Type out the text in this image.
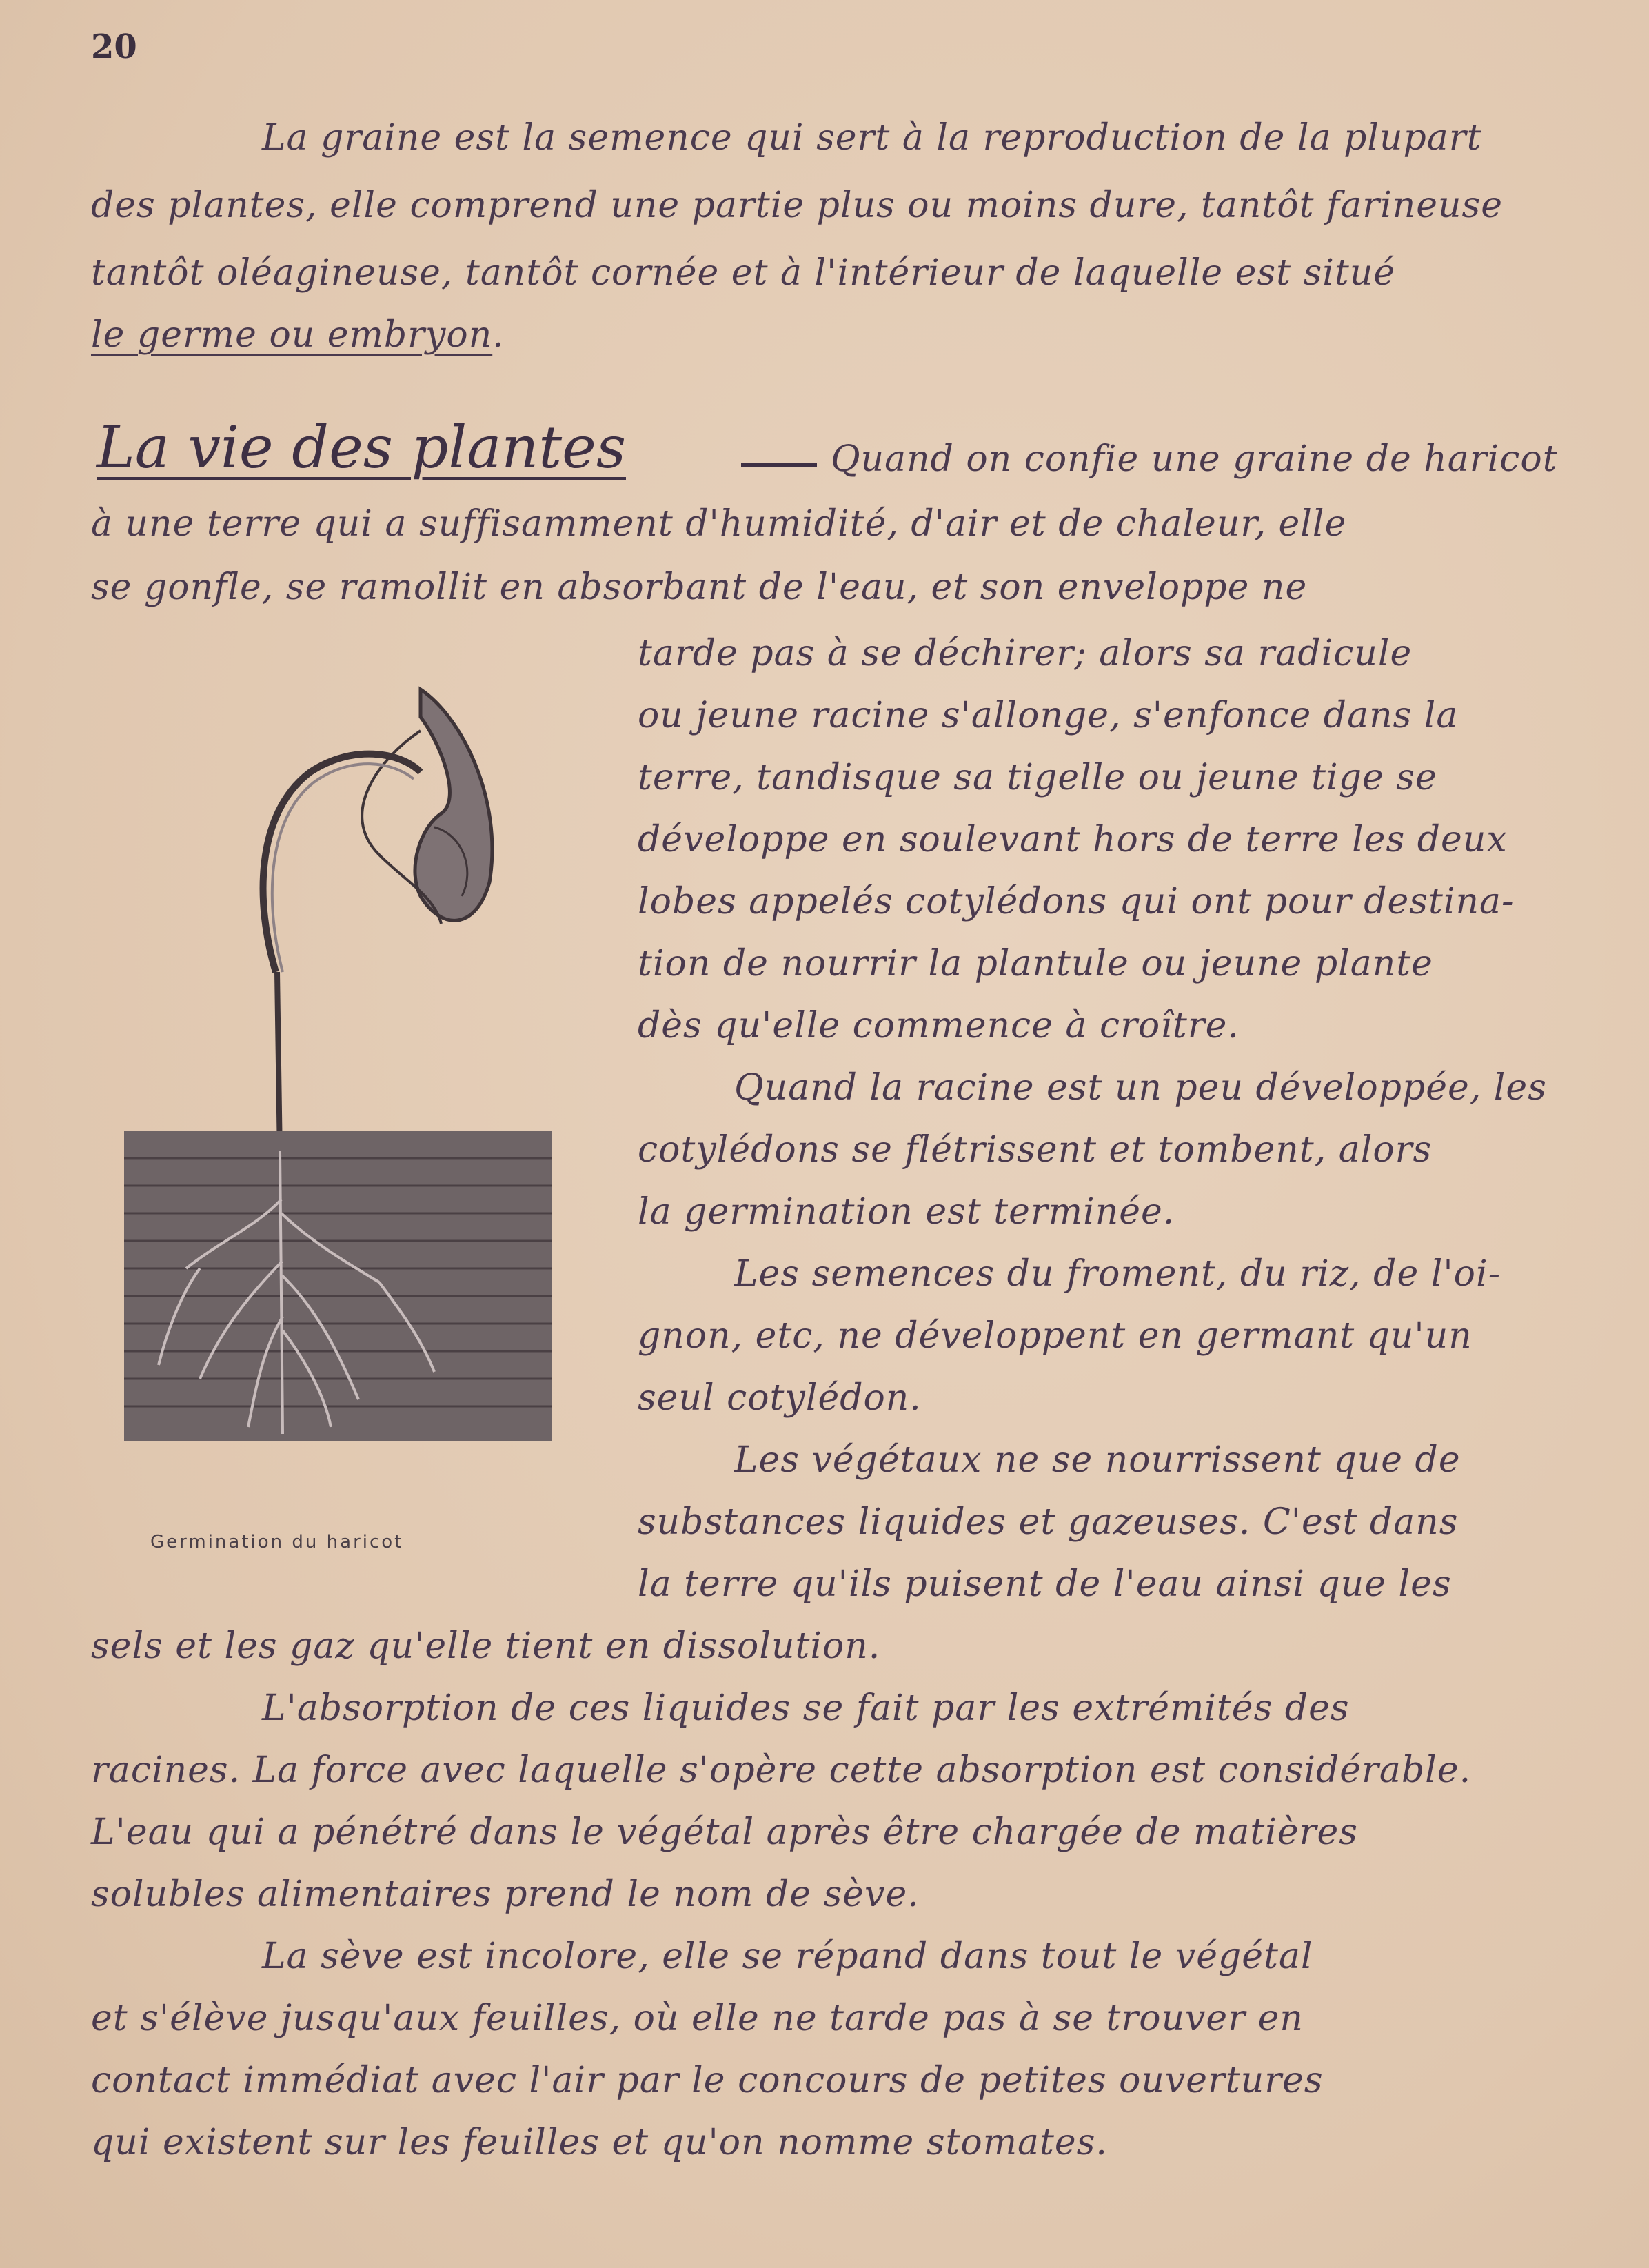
20
La graine est la semence qui sert à la reproduction de la plupart
des plantes, elle comprend une partie plus ou moins dure, tantôt farineuse
tantôt oléagineuse, tantôt cornée et à l'intérieur de laquelle est situé
le germe ou embryon.
La vie des plantes	Quand on confie une graine de haricot
à une terre qui a suffisamment d'humidité, d'air et de chaleur, elle
se gonfle, se ramollit en absorbant de l'eau, et son enveloppe ne
tarde pas à se déchirer; alors sa radicule
ou jeune racine s'allonge, s'enfonce dans la
terre, tandisque sa tigelle ou jeune tige se
développe en soulevant hors de terre les deux
lobes appelés cotylédons qui ont pour destina-
tion de nourrir la plantule ou jeune plante
dès qu'elle commence à croître.
Quand la racine est un peu développée, les
cotylédons se flétrissent et tombent, alors
la germination est terminée.
Les semences du froment, du riz, de l'oi-
gnon, etc, ne développent en germant qu'un
seul cotylédon.
Les végétaux ne se nourrissent que de
substances liquides et gazeuses. C'est dans
la terre qu'ils puisent de l'eau ainsi que les
sels et les gaz qu'elle tient en dissolution.
L'absorption de ces liquides se fait par les extrémités des
racines. La force avec laquelle s'opère cette absorption est considérable.
L'eau qui a pénétré dans le végétal après être chargée de matières
solubles alimentaires prend le nom de sève.
La sève est incolore, elle se répand dans tout le végétal
et s'élève jusqu'aux feuilles, où elle ne tarde pas à se trouver en
contact immédiat avec l'air par le concours de petites ouvertures
qui existent sur les feuilles et qu'on nomme stomates.
Germination du haricot
